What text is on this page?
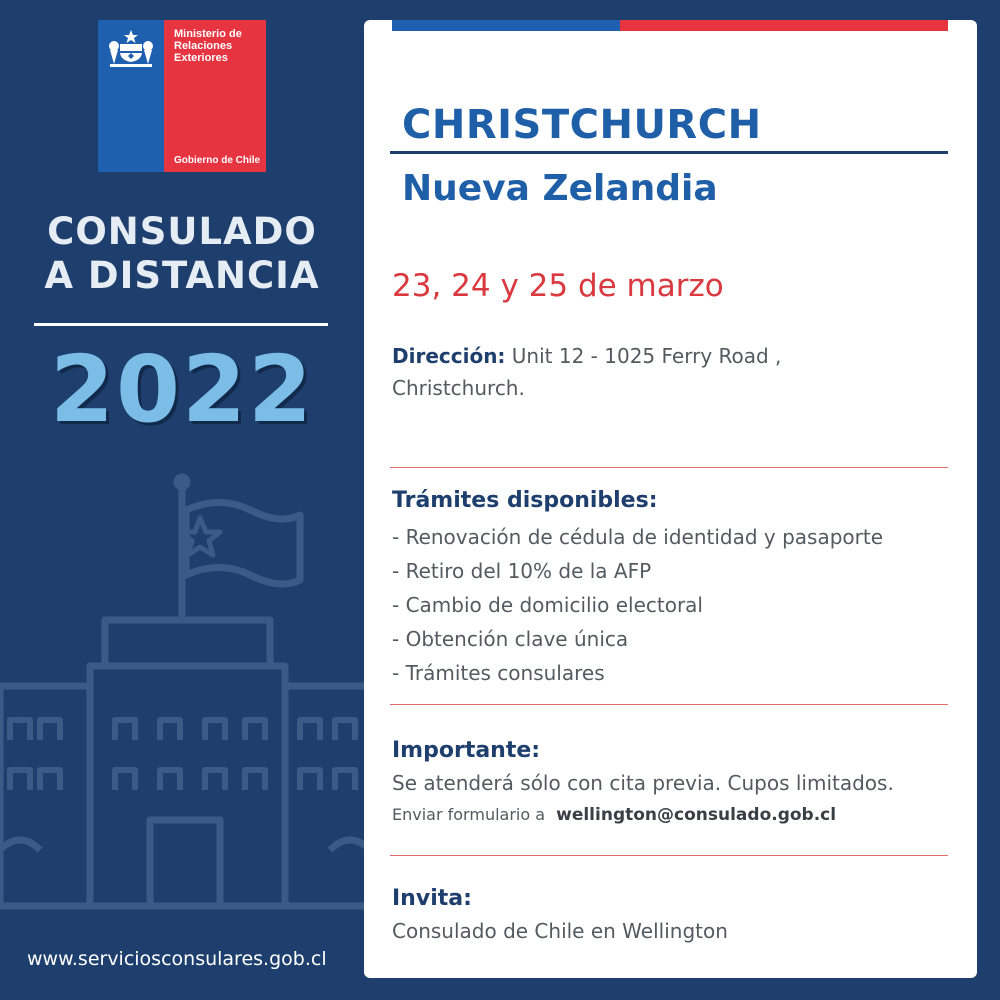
Ministerio de Relaciones Exteriores
Gobierno de Chile
CONSULADO
A DISTANCIA
2022
www.serviciosconsulares.gob.cl
CHRISTCHURCH
Nueva Zelandia
23, 24 y 25 de marzo
Dirección: Unit 12 - 1025 Ferry Road , Christchurch.
Trámites disponibles:
- Renovación de cédula de identidad y pasaporte
- Retiro del 10% de la AFP
- Cambio de domicilio electoral
- Obtención clave única
- Trámites consulares
Importante:
Se atenderá sólo con cita previa. Cupos limitados.
Enviar formulario a wellington@consulado.gob.cl
Invita:
Consulado de Chile en Wellington
